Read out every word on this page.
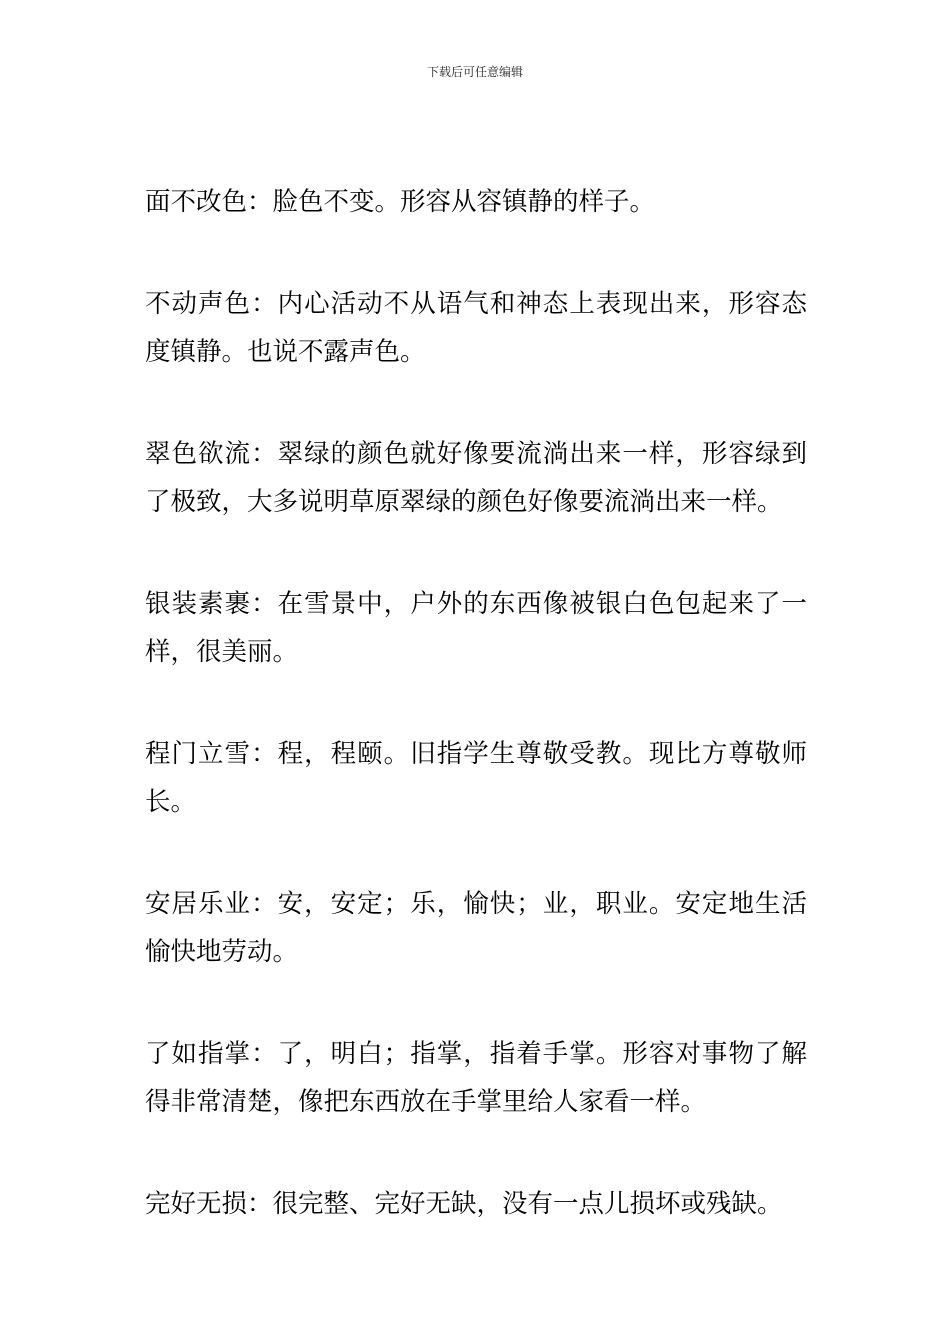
下载后可任意编辑

面不改色：脸色不变。形容从容镇静的样子。

不动声色：内心活动不从语气和神态上表现出来，形容态度镇静。也说不露声色。

翠色欲流：翠绿的颜色就好像要流淌出来一样，形容绿到了极致，大多说明草原翠绿的颜色好像要流淌出来一样。

银装素裹：在雪景中，户外的东西像被银白色包起来了一样，很美丽。

程门立雪：程，程颐。旧指学生尊敬受教。现比方尊敬师长。

安居乐业：安，安定；乐，愉快；业，职业。安定地生活愉快地劳动。

了如指掌：了，明白；指掌，指着手掌。形容对事物了解得非常清楚，像把东西放在手掌里给人家看一样。

完好无损：很完整、完好无缺，没有一点儿损坏或残缺。
